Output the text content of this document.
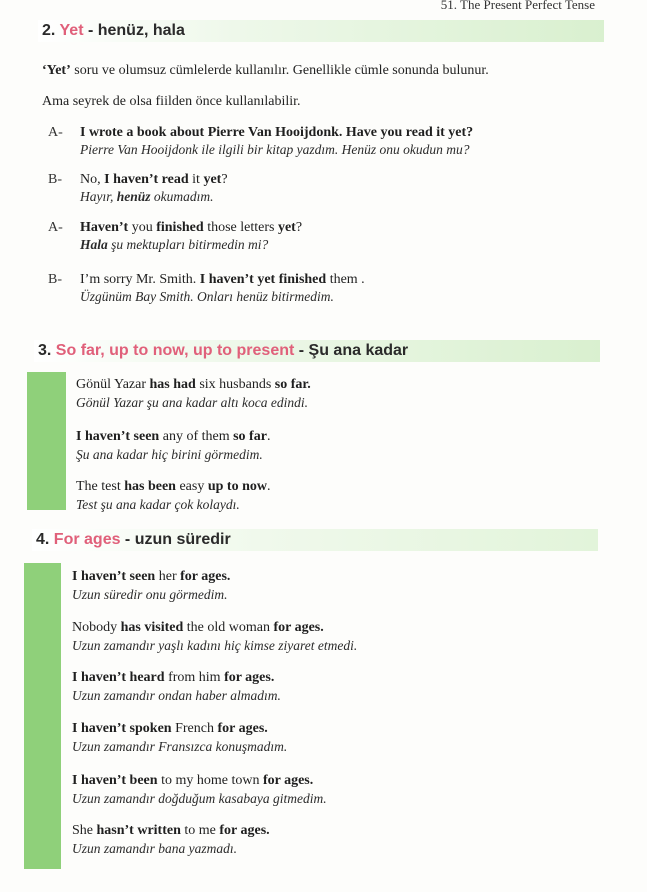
51. The Present Perfect Tense
2. Yet - henüz, hala
‘Yet’ soru ve olumsuz cümlelerde kullanılır. Genellikle cümle sonunda bulunur.
Ama seyrek de olsa fiilden önce kullanılabilir.
A-	I wrote a book about Pierre Van Hooijdonk. Have you read it yet?
Pierre Van Hooijdonk ile ilgili bir kitap yazdım. Henüz onu okudun mu?
B-	No, I haven’t read it yet?
Hayır, henüz okumadım.
A-	Haven’t you finished those letters yet?
Hala şu mektupları bitirmedin mi?
B-	I’m sorry Mr. Smith. I haven’t yet finished them .
Üzgünüm Bay Smith. Onları henüz bitirmedim.
3. So far, up to now, up to present - Şu ana kadar
Gönül Yazar has had six husbands so far.
Gönül Yazar şu ana kadar altı koca edindi.
I haven’t seen any of them so far.
Şu ana kadar hiç birini görmedim.
The test has been easy up to now.
Test şu ana kadar çok kolaydı.
4. For ages - uzun süredir
I haven’t seen her for ages.
Uzun süredir onu görmedim.
Nobody has visited the old woman for ages.
Uzun zamandır yaşlı kadını hiç kimse ziyaret etmedi.
I haven’t heard from him for ages.
Uzun zamandır ondan haber almadım.
I haven’t spoken French for ages.
Uzun zamandır Fransızca konuşmadım.
I haven’t been to my home town for ages.
Uzun zamandır doğduğum kasabaya gitmedim.
She hasn’t written to me for ages.
Uzun zamandır bana yazmadı.
